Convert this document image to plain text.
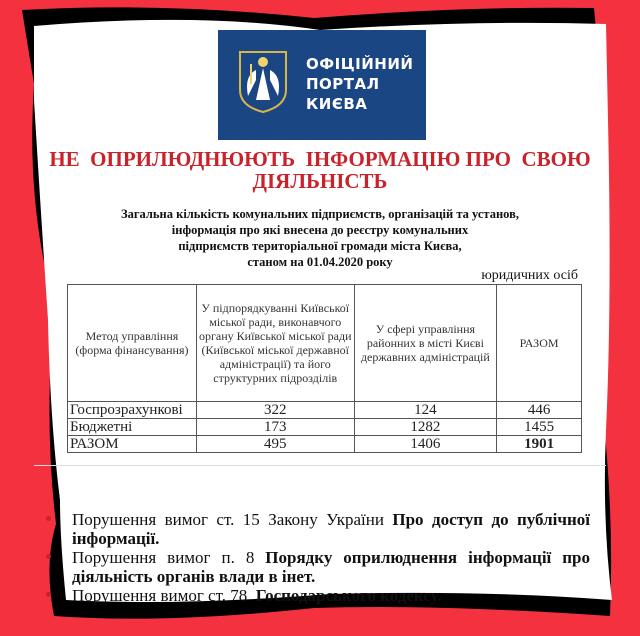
ОФІЦІЙНИЙ
ПОРТАЛ
КИЄВА
НЕ  ОПРИЛЮДНЮЮТЬ  ІНФОРМАЦІЮ ПРО  СВОЮ
ДІЯЛЬНІСТЬ
Загальна кількість комунальних підприємств, організацій та установ,
інформація про які внесена до реєстру комунальних
підприємств територіальної громади міста Києва,
станом на 01.04.2020 року
юридичних осіб
Метод управління (форма фінансування)	У підпорядкуванні Київської міської ради, виконавчого органу Київської міської ради (Київської міської державної адміністрації) та його структурних підрозділів	У сфері управління районних в місті Києві державних адміністрацій	РАЗОМ
Госпрозрахункові	322	124	446
Бюджетні	173	1282	1455
РАЗОМ	495	1406	1901
Порушення вимог ст. 15 Закону України Про доступ до публічної інформації.
Порушення вимог п. 8 Порядку оприлюднення інформації про діяльність органів влади в інет.
Порушення вимог ст. 78  Господарського кодексу.
